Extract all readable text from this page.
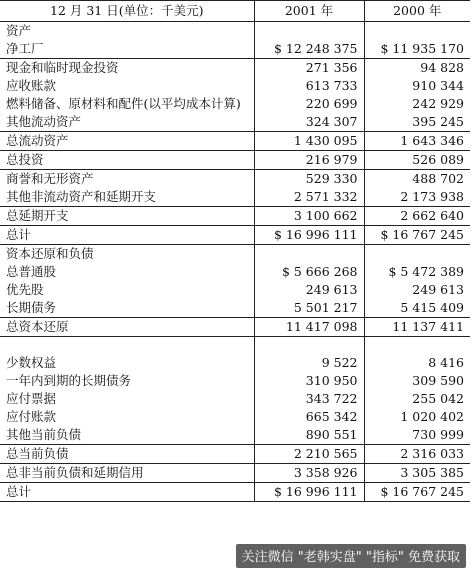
12 月 31 日(单位：千美元)	2001 年	2000 年
资产		
净工厂	$ 12 248 375	$ 11 935 170
现金和临时现金投资	271 356	94 828
应收账款	613 733	910 344
燃料储备、原材料和配件(以平均成本计算)	220 699	242 929
其他流动资产	324 307	395 245
总流动资产	1 430 095	1 643 346
总投资	216 979	526 089
商誉和无形资产	529 330	488 702
其他非流动资产和延期开支	2 571 332	2 173 938
总延期开支	3 100 662	2 662 640
总计	$ 16 996 111	$ 16 767 245
资本还原和负债		
总普通股	$ 5 666 268	$ 5 472 389
优先股	249 613	249 613
长期债务	5 501 217	5 415 409
总资本还原	11 417 098	11 137 411

少数权益	9 522	8 416
一年内到期的长期债务	310 950	309 590
应付票据	343 722	255 042
应付账款	665 342	1 020 402
其他当前负债	890 551	730 999
总当前负债	2 210 565	2 316 033
总非当前负债和延期信用	3 358 926	3 305 385
总计	$ 16 996 111	$ 16 767 245
关注微信 "老韩实盘" "指标" 免费获取
